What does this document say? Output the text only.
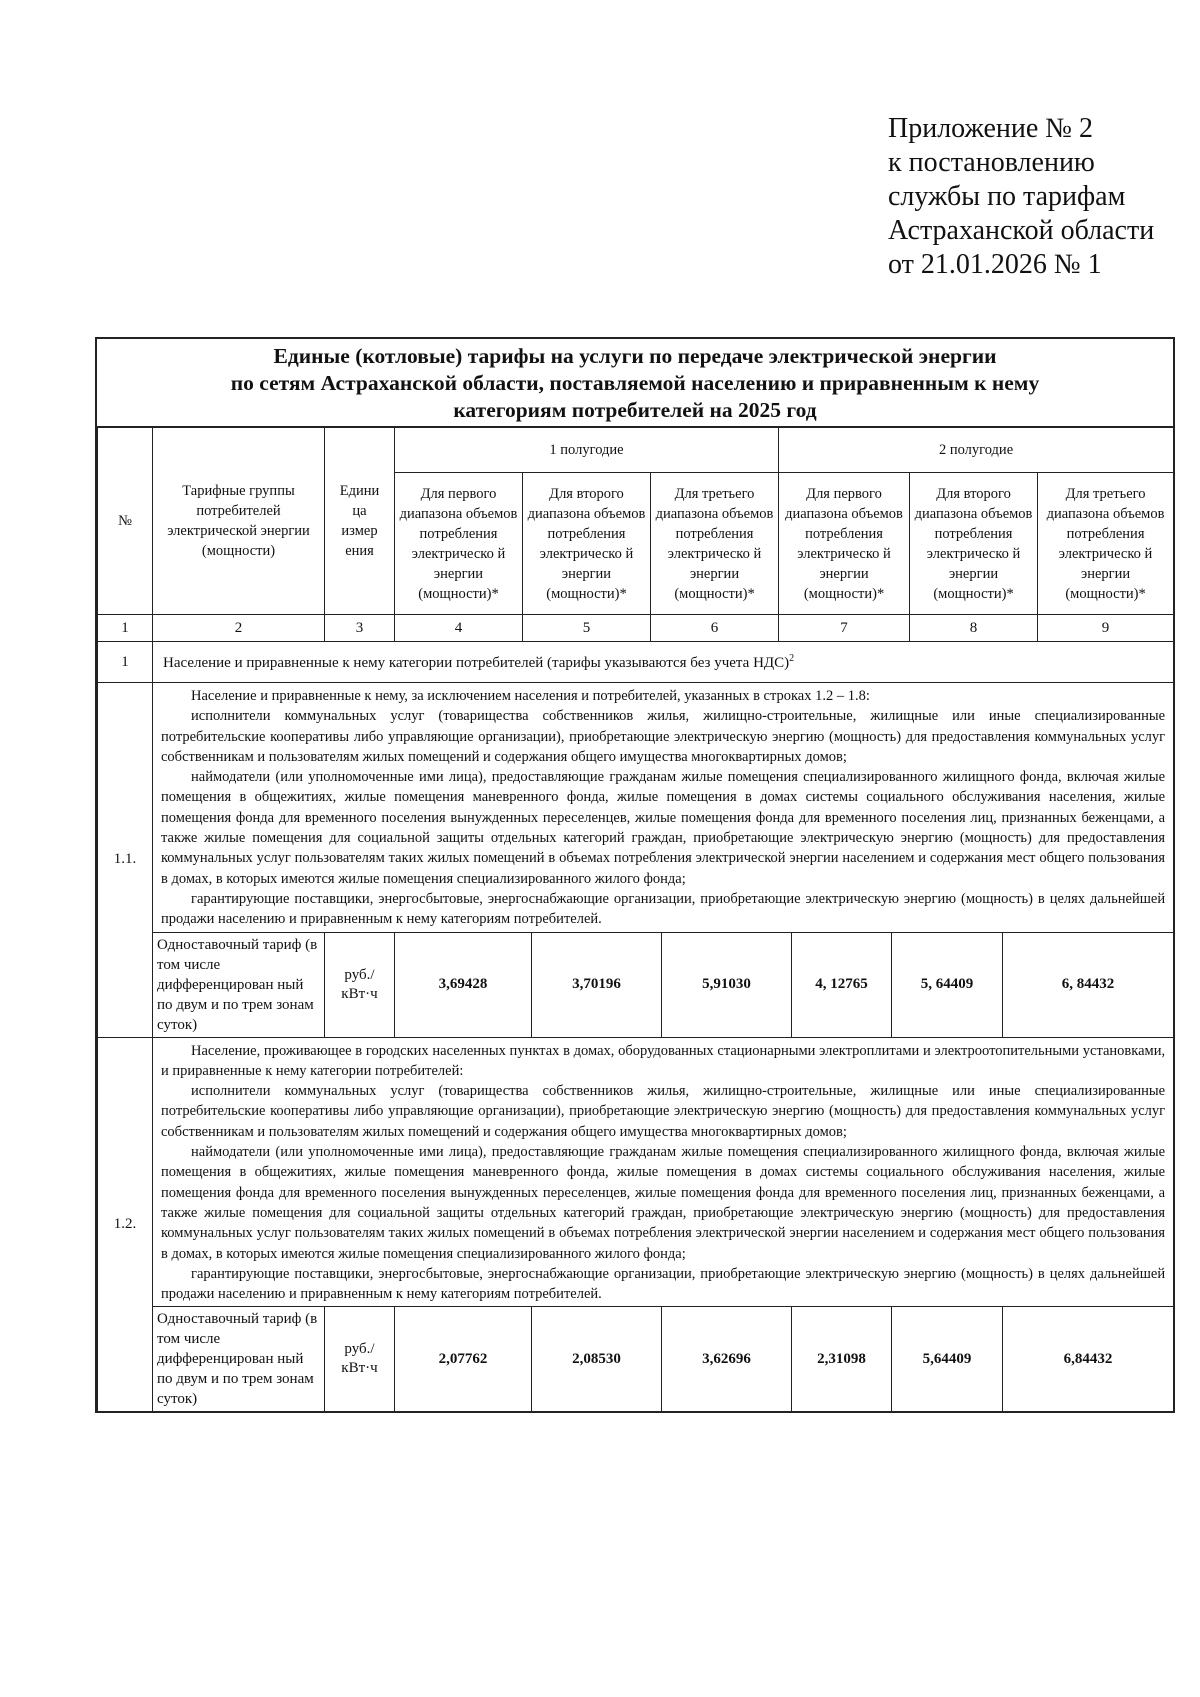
Приложение № 2
к постановлению
службы по тарифам
Астраханской области
от 21.01.2026 № 1
Единые (котловые) тарифы на услуги по передаче электрической энергии
по сетям Астраханской области, поставляемой населению и приравненным к нему
категориям потребителей на 2025 год
№	Тарифные группы потребителей электрической энергии (мощности)	Едини ца измер ения	1 полугодие			2 полугодие		
			Для первого диапазона объемов потребления электрическо й энергии (мощности)*	Для второго диапазона объемов потребления электрическо й энергии (мощности)*	Для третьего диапазона объемов потребления электрическо й энергии (мощности)*	Для первого диапазона объемов потребления электрическо й энергии (мощности)*	Для второго диапазона объемов потребления электрическо й энергии (мощности)*	Для третьего диапазона объемов потребления электрическо й энергии (мощности)*
1	2	3	4	5	6	7	8	9
1	Население и приравненные к нему категории потребителей (тарифы указываются без учета НДС)$^2$
1.1.	Население и приравненные к нему, за исключением населения и потребителей, указанных в строках 1.2 – 1.8:

исполнители коммунальных услуг (товарищества собственников жилья, жилищно-строительные, жилищные или иные специализированные потребительские кооперативы либо управляющие организации), приобретающие электрическую энергию (мощность) для предоставления коммунальных услуг собственникам и пользователям жилых помещений и содержания общего имущества многоквартирных домов;

наймодатели (или уполномоченные ими лица), предоставляющие гражданам жилые помещения специализированного жилищного фонда, включая жилые помещения в общежитиях, жилые помещения маневренного фонда, жилые помещения в домах системы социального обслуживания населения, жилые помещения фонда для временного поселения вынужденных переселенцев, жилые помещения фонда для временного поселения лиц, признанных беженцами, а также жилые помещения для социальной защиты отдельных категорий граждан, приобретающие электрическую энергию (мощность) для предоставления коммунальных услуг пользователям таких жилых помещений в объемах потребления электрической энергии населением и содержания мест общего пользования в домах, в которых имеются жилые помещения специализированного жилого фонда;

гарантирующие поставщики, энергосбытовые, энергоснабжающие организации, приобретающие электрическую энергию (мощность) в целях дальнейшей продажи населению и приравненным к нему категориям потребителей.							

	Одноставочный тариф (в том числе дифференцирован ный по двум и по трем зонам суток)	руб./ кВт·ч	3,69428	3,70196	5,91030	4, 12765	5, 64409	6, 84432
1.2.	Население, проживающее в городских населенных пунктах в домах, оборудованных стационарными электроплитами и электроотопительными установками, и приравненные к нему категории потребителей:

исполнители коммунальных услуг (товарищества собственников жилья, жилищно-строительные, жилищные или иные специализированные потребительские кооперативы либо управляющие организации), приобретающие электрическую энергию (мощность) для предоставления коммунальных услуг собственникам и пользователям жилых помещений и содержания общего имущества многоквартирных домов;

наймодатели (или уполномоченные ими лица), предоставляющие гражданам жилые помещения специализированного жилищного фонда, включая жилые помещения в общежитиях, жилые помещения маневренного фонда, жилые помещения в домах системы социального обслуживания населения, жилые помещения фонда для временного поселения вынужденных переселенцев, жилые помещения фонда для временного поселения лиц, признанных беженцами, а также жилые помещения для социальной защиты отдельных категорий граждан, приобретающие электрическую энергию (мощность) для предоставления коммунальных услуг пользователям таких жилых помещений в объемах потребления электрической энергии населением и содержания мест общего пользования в домах, в которых имеются жилые помещения специализированного жилого фонда;

гарантирующие поставщики, энергосбытовые, энергоснабжающие организации, приобретающие электрическую энергию (мощность) в целях дальнейшей продажи населению и приравненным к нему категориям потребителей.							

	Одноставочный тариф (в том числе дифференцирован ный по двум и по трем зонам суток)	руб./ кВт·ч	2,07762	2,08530	3,62696	2,31098	5,64409	6,84432
